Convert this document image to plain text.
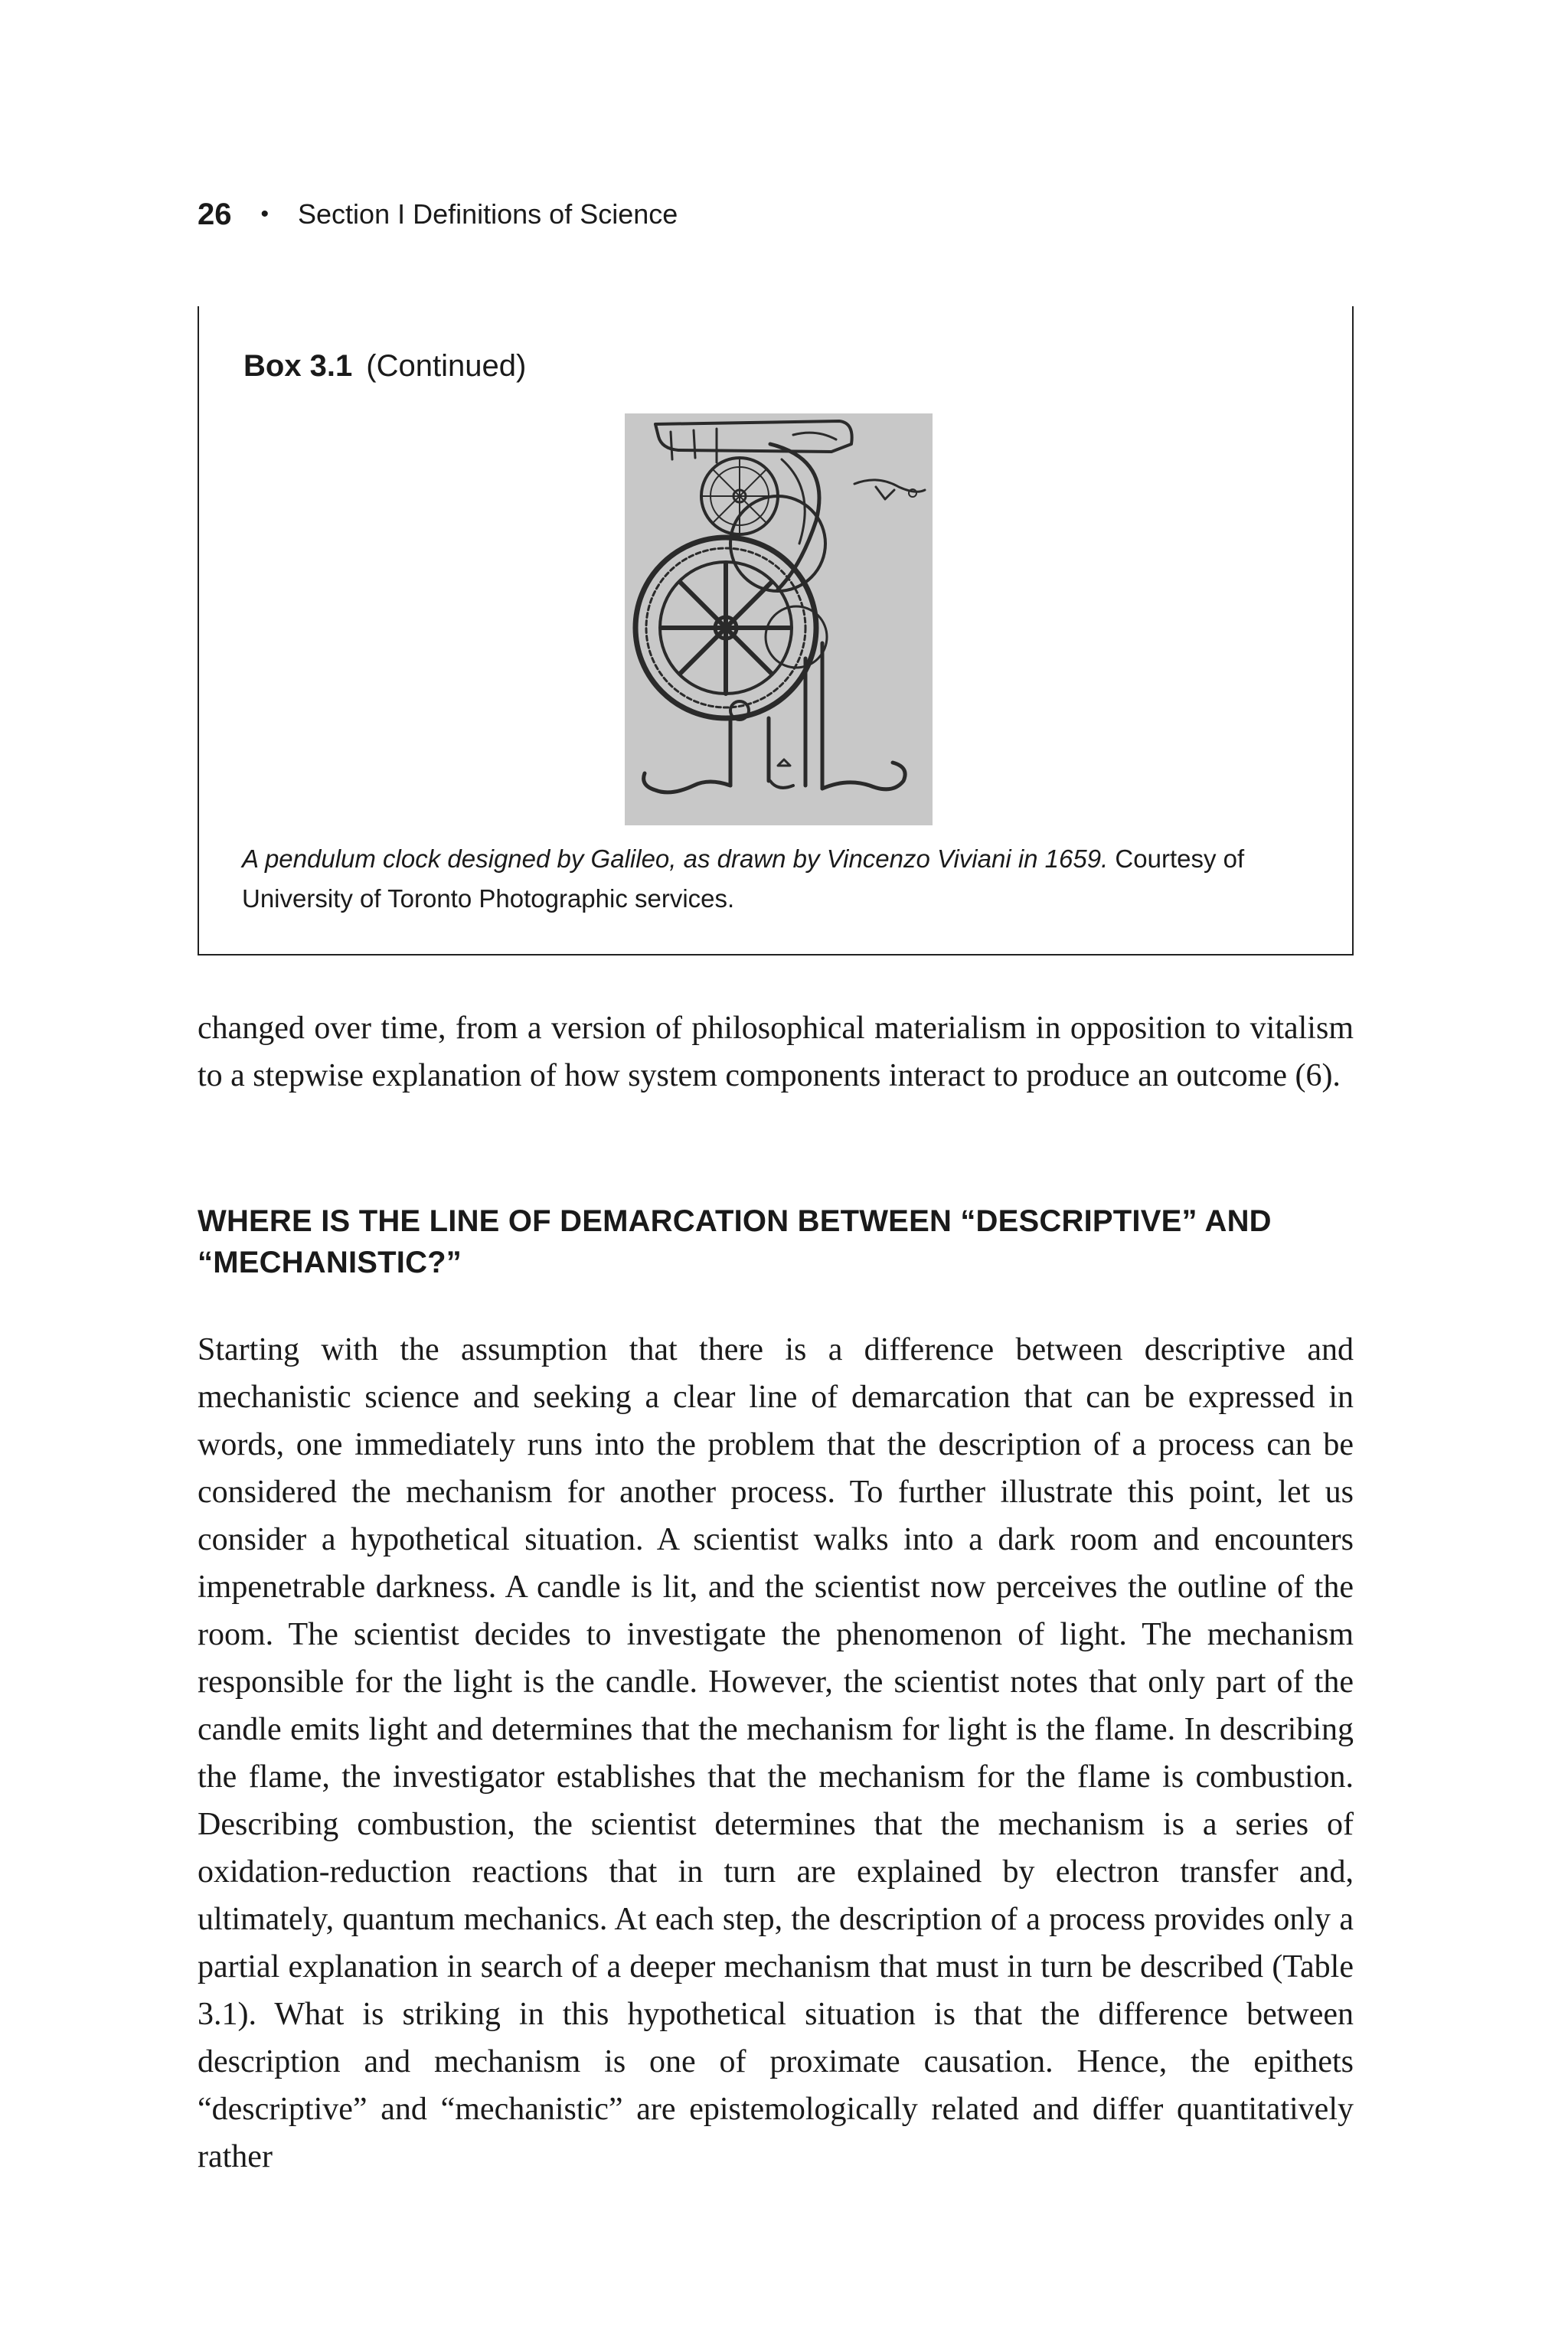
26 • Section I Definitions of Science
Box 3.1 (Continued)
A pendulum clock designed by Galileo, as drawn by Vincenzo Viviani in 1659. Courtesy of University of Toronto Photographic services.

changed over time, from a version of philosophical materialism in opposition to vitalism to a stepwise explanation of how system components interact to produce an outcome (6).

WHERE IS THE LINE OF DEMARCATION BETWEEN “DESCRIPTIVE” AND “MECHANISTIC?”

Starting with the assumption that there is a difference between descriptive and mechanistic science and seeking a clear line of demarcation that can be expressed in words, one immediately runs into the problem that the description of a process can be considered the mechanism for another process. To further illustrate this point, let us consider a hypothetical situation. A scientist walks into a dark room and encounters impenetrable darkness. A candle is lit, and the scientist now perceives the outline of the room. The scientist decides to investigate the phenomenon of light. The mechanism responsible for the light is the candle. However, the scientist notes that only part of the candle emits light and determines that the mechanism for light is the flame. In describing the flame, the investigator establishes that the mechanism for the flame is combustion. Describing combustion, the scientist determines that the mechanism is a series of oxidation-reduction reactions that in turn are explained by electron transfer and, ultimately, quantum mechanics. At each step, the description of a process provides only a partial explanation in search of a deeper mechanism that must in turn be described (Table 3.1). What is striking in this hypothetical situation is that the difference between description and mechanism is one of proximate causation. Hence, the epithets “descriptive” and “mechanistic” are epistemologically related and differ quantitatively rather
